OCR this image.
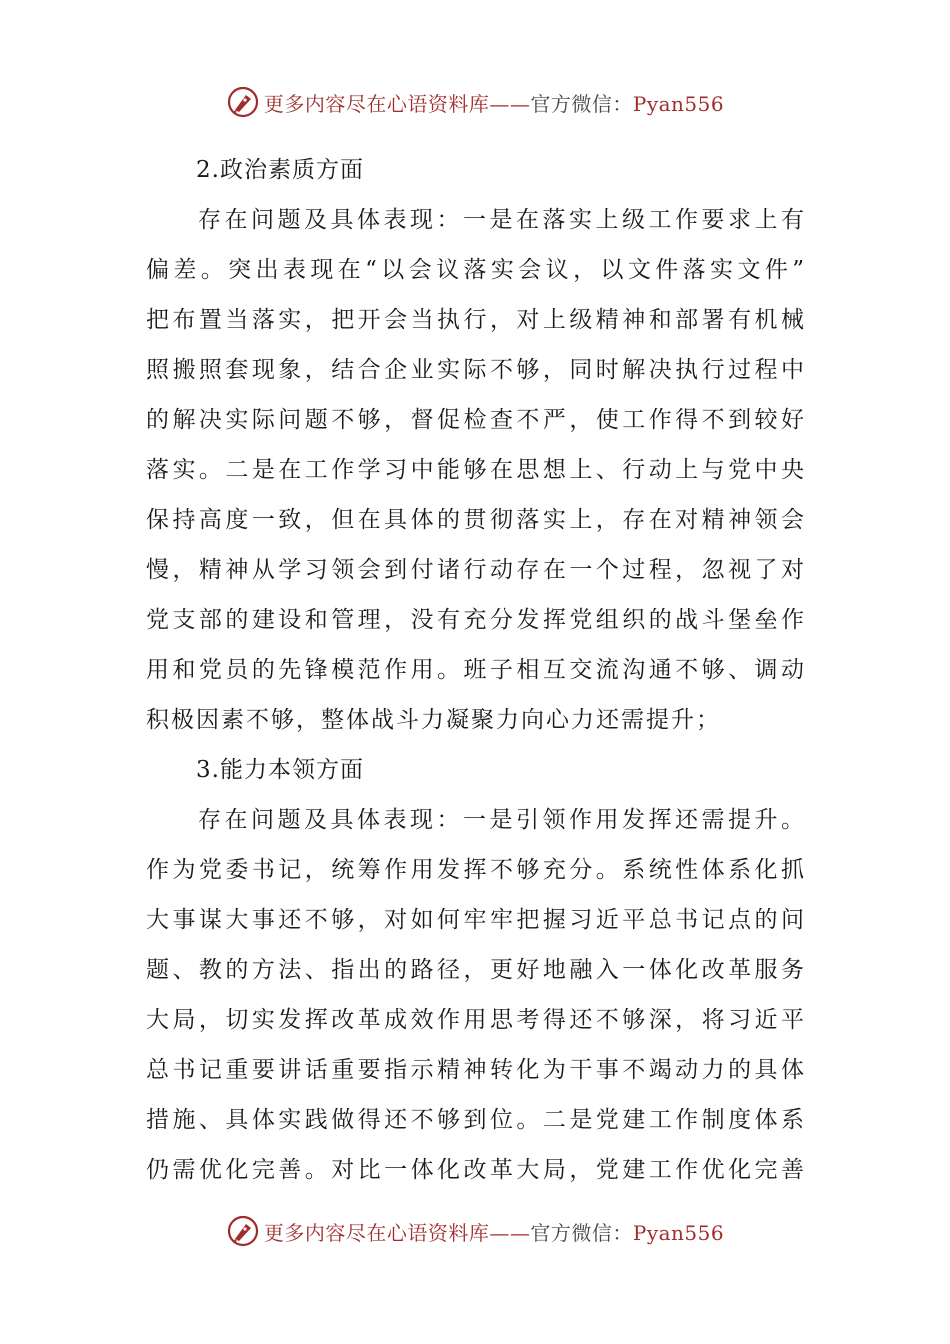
更多内容尽在心语资料库——官方微信：Pyan556
2.政治素质方面
存在问题及具体表现：一是在落实上级工作要求上有
偏差。突出表现在“以会议落实会议，以文件落实文件”
把布置当落实，把开会当执行，对上级精神和部署有机械
照搬照套现象，结合企业实际不够，同时解决执行过程中
的解决实际问题不够，督促检查不严，使工作得不到较好
落实。二是在工作学习中能够在思想上、行动上与党中央
保持高度一致，但在具体的贯彻落实上，存在对精神领会
慢，精神从学习领会到付诸行动存在一个过程，忽视了对
党支部的建设和管理，没有充分发挥党组织的战斗堡垒作
用和党员的先锋模范作用。班子相互交流沟通不够、调动
积极因素不够，整体战斗力凝聚力向心力还需提升；
3.能力本领方面
存在问题及具体表现：一是引领作用发挥还需提升。
作为党委书记，统筹作用发挥不够充分。系统性体系化抓
大事谋大事还不够，对如何牢牢把握习近平总书记点的问
题、教的方法、指出的路径，更好地融入一体化改革服务
大局，切实发挥改革成效作用思考得还不够深，将习近平
总书记重要讲话重要指示精神转化为干事不竭动力的具体
措施、具体实践做得还不够到位。二是党建工作制度体系
仍需优化完善。对比一体化改革大局，党建工作优化完善
更多内容尽在心语资料库——官方微信：Pyan556
